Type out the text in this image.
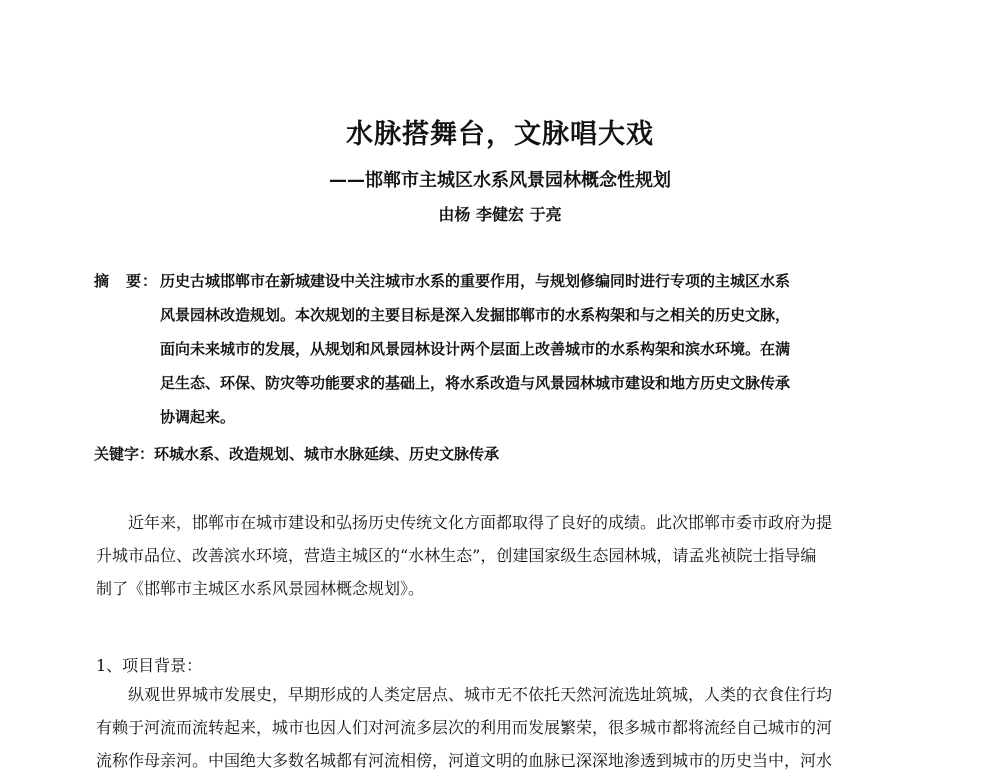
水脉搭舞台，文脉唱大戏
——邯郸市主城区水系风景园林概念性规划
由杨 李健宏 于亮
摘　要： 历史古城邯郸市在新城建设中关注城市水系的重要作用，与规划修编同时进行专项的主城区水系
风景园林改造规划。本次规划的主要目标是深入发掘邯郸市的水系构架和与之相关的历史文脉，
面向未来城市的发展，从规划和风景园林设计两个层面上改善城市的水系构架和滨水环境。在满
足生态、环保、防灾等功能要求的基础上，将水系改造与风景园林城市建设和地方历史文脉传承
协调起来。
关键字：环城水系、改造规划、城市水脉延续、历史文脉传承
近年来，邯郸市在城市建设和弘扬历史传统文化方面都取得了良好的成绩。此次邯郸市委市政府为提
升城市品位、改善滨水环境，营造主城区的“水林生态”，创建国家级生态园林城，请孟兆祯院士指导编
制了《邯郸市主城区水系风景园林概念规划》。
1、项目背景：
纵观世界城市发展史，早期形成的人类定居点、城市无不依托天然河流选址筑城，人类的衣食住行均
有赖于河流而流转起来，城市也因人们对河流多层次的利用而发展繁荣，很多城市都将流经自己城市的河
流称作母亲河。中国绝大多数名城都有河流相傍，河道文明的血脉已深深地渗透到城市的历史当中，河水
